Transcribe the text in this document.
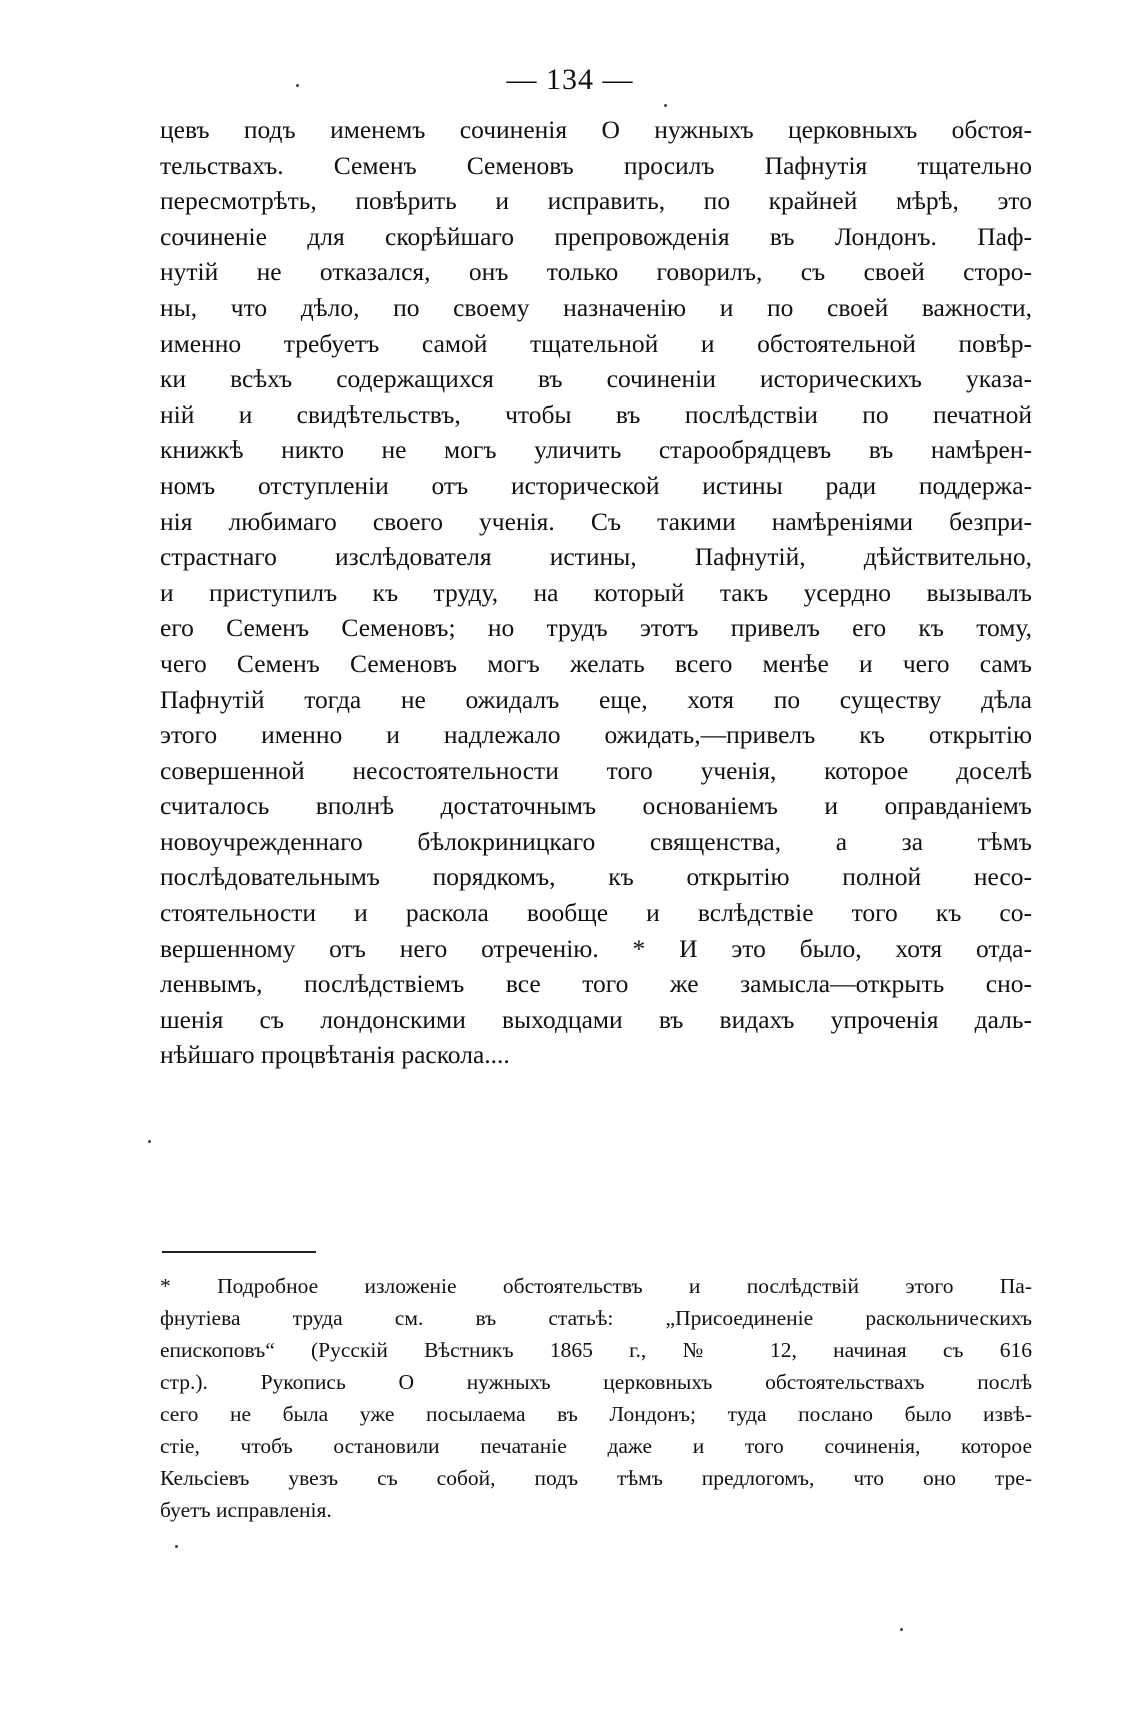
— 134 —
цевъ подъ именемъ сочиненія О нужныхъ церковныхъ обстоя-
тельствахъ. Семенъ Семеновъ просилъ Пафнутія тщательно
пересмотрѣть, повѣрить и исправить, по крайней мѣрѣ, это
сочиненіе для скорѣйшаго препровожденія въ Лондонъ. Паф-
нутій не отказался, онъ только говорилъ, съ своей сторо-
ны, что дѣло, по своему назначенію и по своей важности,
именно требуетъ самой тщательной и обстоятельной повѣр-
ки всѣхъ содержащихся въ сочиненіи историческихъ указа-
ній и свидѣтельствъ, чтобы въ послѣдствіи по печатной
книжкѣ никто не могъ уличить старообрядцевъ въ намѣрен-
номъ отступленіи отъ исторической истины ради поддержа-
нія любимаго своего ученія. Съ такими намѣреніями безпри-
страстнаго изслѣдователя истины, Пафнутій, дѣйствительно,
и приступилъ къ труду, на который такъ усердно вызывалъ
его Семенъ Семеновъ; но трудъ этотъ привелъ его къ тому,
чего Семенъ Семеновъ могъ желать всего менѣе и чего самъ
Пафнутій тогда не ожидалъ еще, хотя по существу дѣла
этого именно и надлежало ожидать,—привелъ къ открытію
совершенной несостоятельности того ученія, которое доселѣ
считалось вполнѣ достаточнымъ основаніемъ и оправданіемъ
новоучрежденнаго бѣлокриницкаго священства, а за тѣмъ
послѣдовательнымъ порядкомъ, къ открытію полной несо-
стоятельности и раскола вообще и вслѣдствіе того къ со-
вершенному отъ него отреченію. * И это было, хотя отда-
ленвымъ, послѣдствіемъ все того же замысла—открыть сно-
шенія съ лондонскими выходцами въ видахъ упроченія даль-
нѣйшаго процвѣтанія раскола....
* Подробное изложеніе обстоятельствъ и послѣдствій этого Па-
фнутіева труда см. въ статьѣ: „Присоединеніе раскольническихъ
епископовъ“ (Русскій Вѣстникъ 1865 г., № 12, начиная съ 616
стр.). Рукопись О нужныхъ церковныхъ обстоятельствахъ послѣ
сего не была уже посылаема въ Лондонъ; туда послано было извѣ-
стіе, чтобъ остановили печатаніе даже и того сочиненія, которое
Кельсіевъ увезъ съ собой, подъ тѣмъ предлогомъ, что оно тре-
буетъ исправленія.
